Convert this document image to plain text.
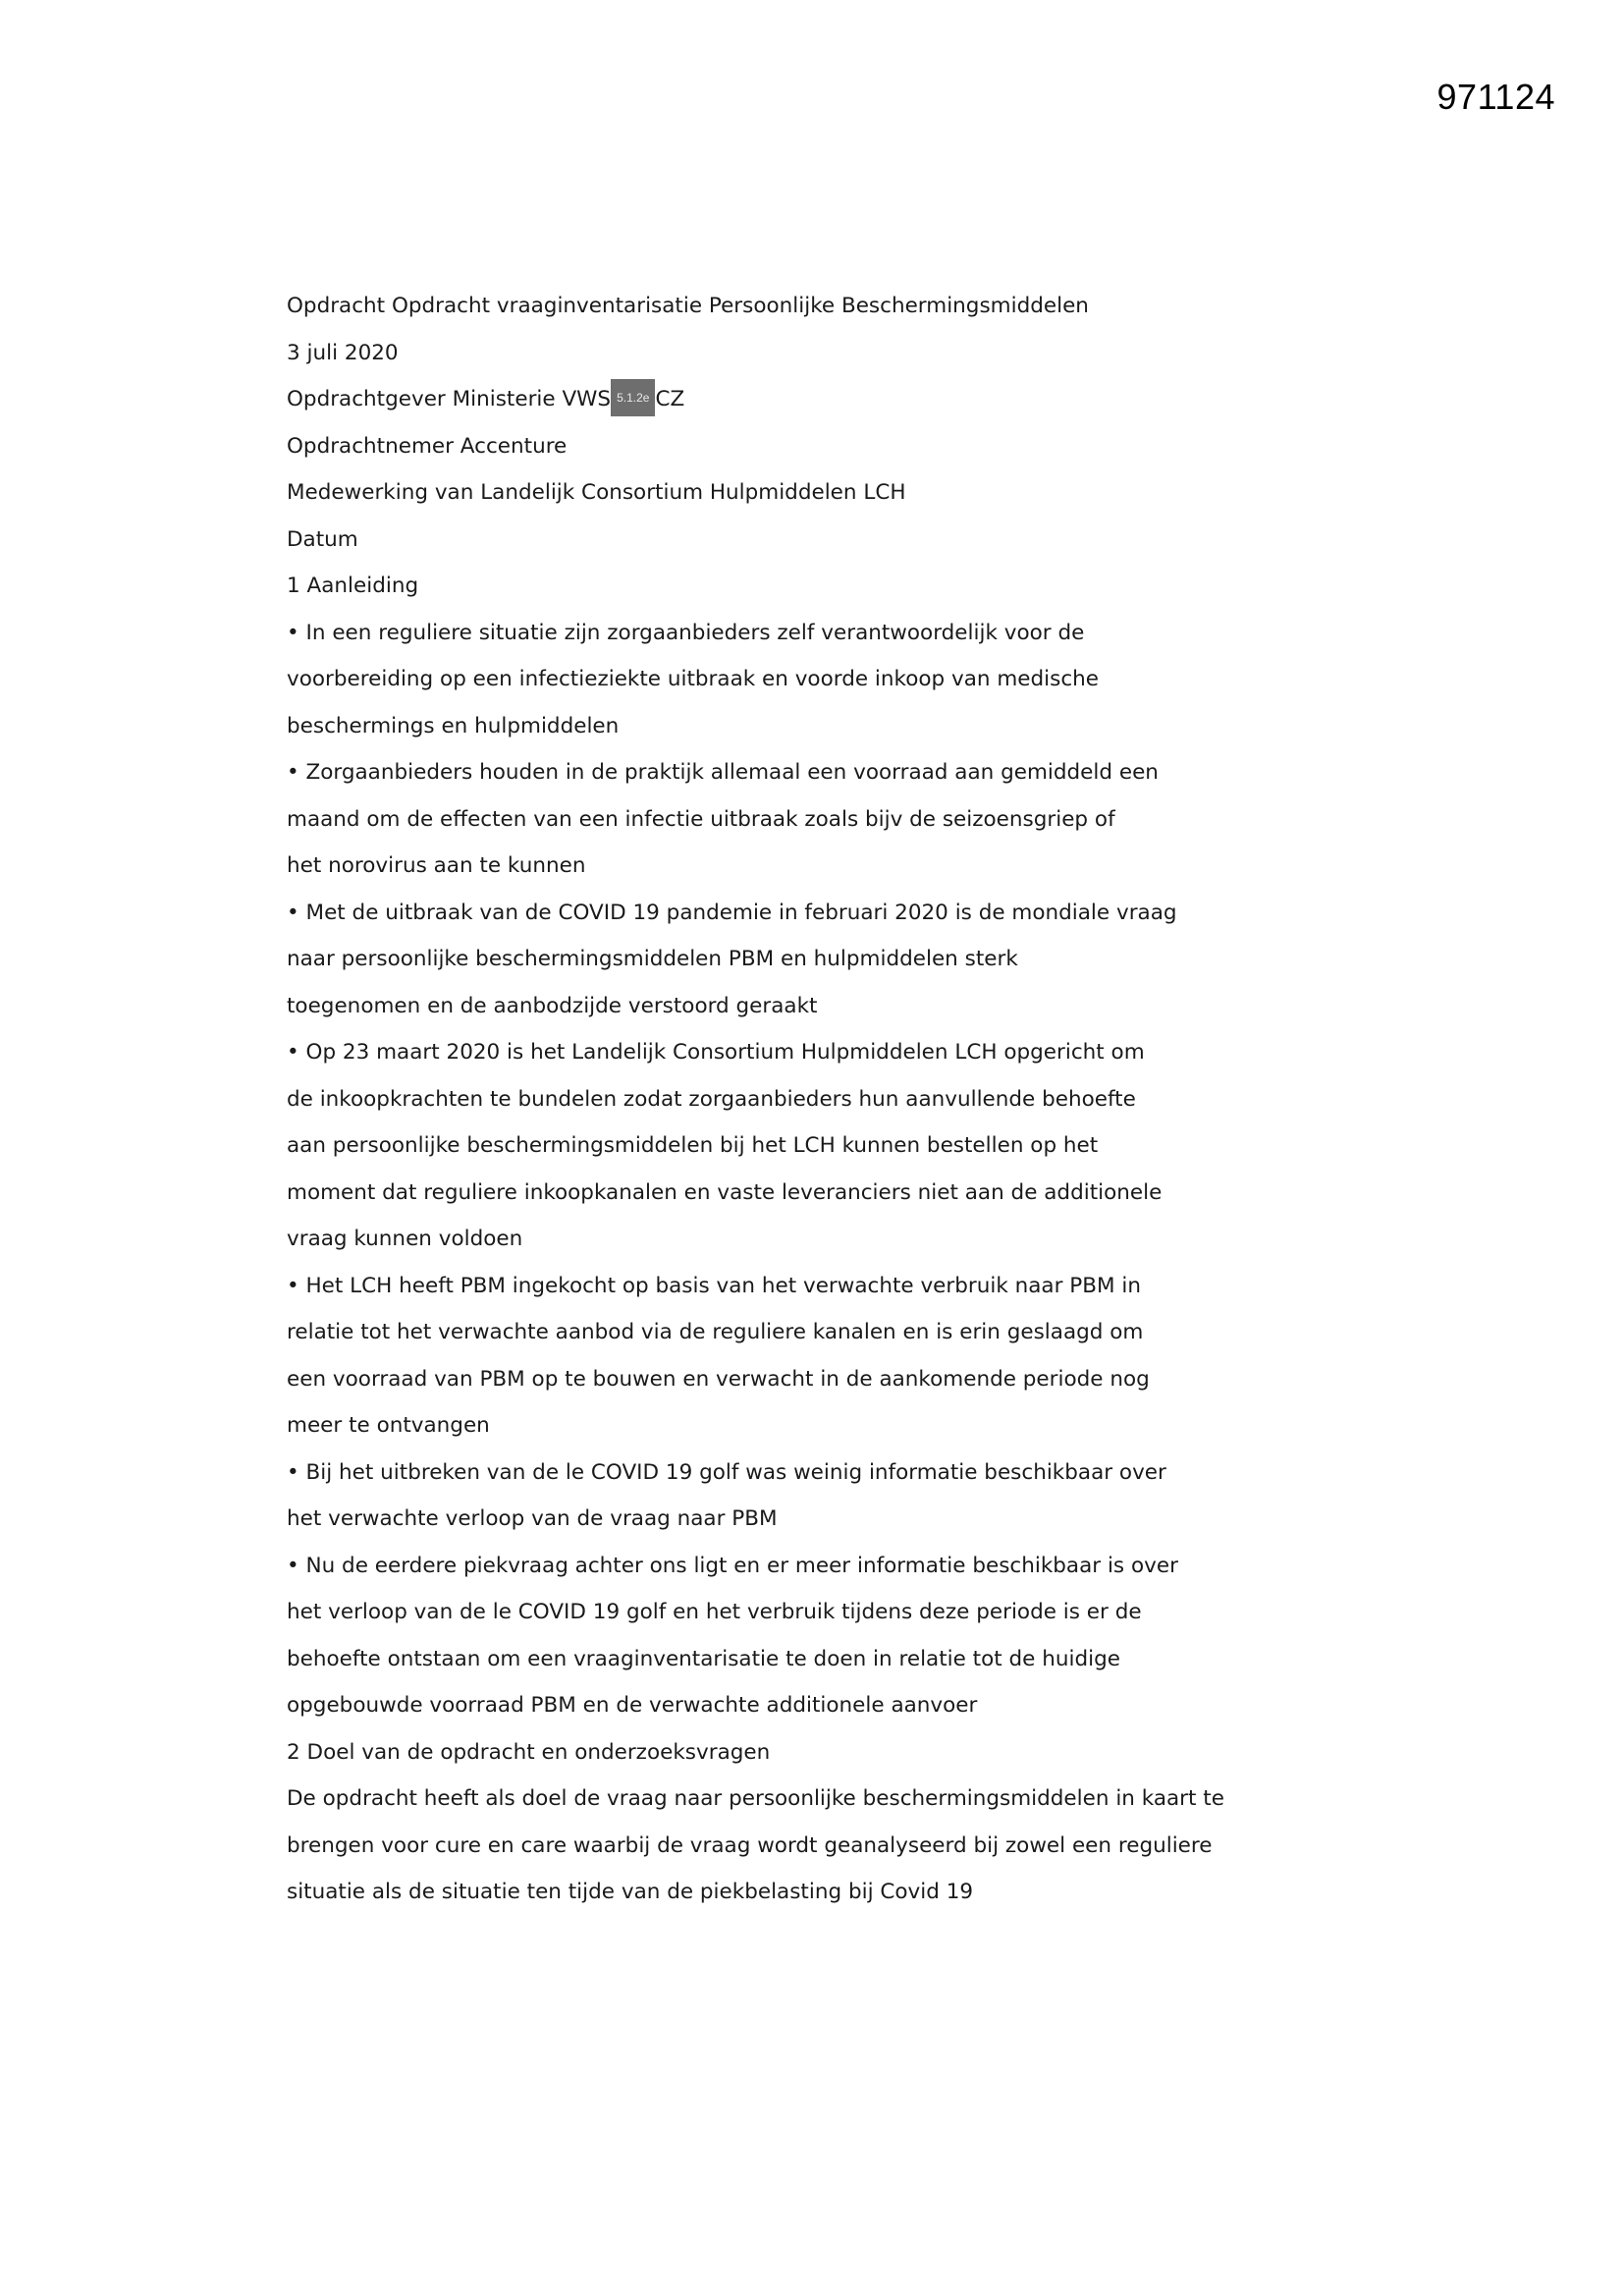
971124
Opdracht Opdracht vraaginventarisatie Persoonlijke Beschermingsmiddelen
3 juli 2020
Opdrachtgever Ministerie VWS 5.1.2e CZ
Opdrachtnemer Accenture
Medewerking van Landelijk Consortium Hulpmiddelen LCH
Datum
1 Aanleiding
• In een reguliere situatie zijn zorgaanbieders zelf verantwoordelijk voor de
voorbereiding op een infectieziekte uitbraak en voorde inkoop van medische
beschermings en hulpmiddelen
• Zorgaanbieders houden in de praktijk allemaal een voorraad aan gemiddeld een
maand om de effecten van een infectie uitbraak zoals bijv de seizoensgriep of
het norovirus aan te kunnen
• Met de uitbraak van de COVID 19 pandemie in februari 2020 is de mondiale vraag
naar persoonlijke beschermingsmiddelen PBM en hulpmiddelen sterk
toegenomen en de aanbodzijde verstoord geraakt
• Op 23 maart 2020 is het Landelijk Consortium Hulpmiddelen LCH opgericht om
de inkoopkrachten te bundelen zodat zorgaanbieders hun aanvullende behoefte
aan persoonlijke beschermingsmiddelen bij het LCH kunnen bestellen op het
moment dat reguliere inkoopkanalen en vaste leveranciers niet aan de additionele
vraag kunnen voldoen
• Het LCH heeft PBM ingekocht op basis van het verwachte verbruik naar PBM in
relatie tot het verwachte aanbod via de reguliere kanalen en is erin geslaagd om
een voorraad van PBM op te bouwen en verwacht in de aankomende periode nog
meer te ontvangen
• Bij het uitbreken van de le COVID 19 golf was weinig informatie beschikbaar over
het verwachte verloop van de vraag naar PBM
• Nu de eerdere piekvraag achter ons ligt en er meer informatie beschikbaar is over
het verloop van de le COVID 19 golf en het verbruik tijdens deze periode is er de
behoefte ontstaan om een vraaginventarisatie te doen in relatie tot de huidige
opgebouwde voorraad PBM en de verwachte additionele aanvoer
2 Doel van de opdracht en onderzoeksvragen
De opdracht heeft als doel de vraag naar persoonlijke beschermingsmiddelen in kaart te
brengen voor cure en care waarbij de vraag wordt geanalyseerd bij zowel een reguliere
situatie als de situatie ten tijde van de piekbelasting bij Covid 19
